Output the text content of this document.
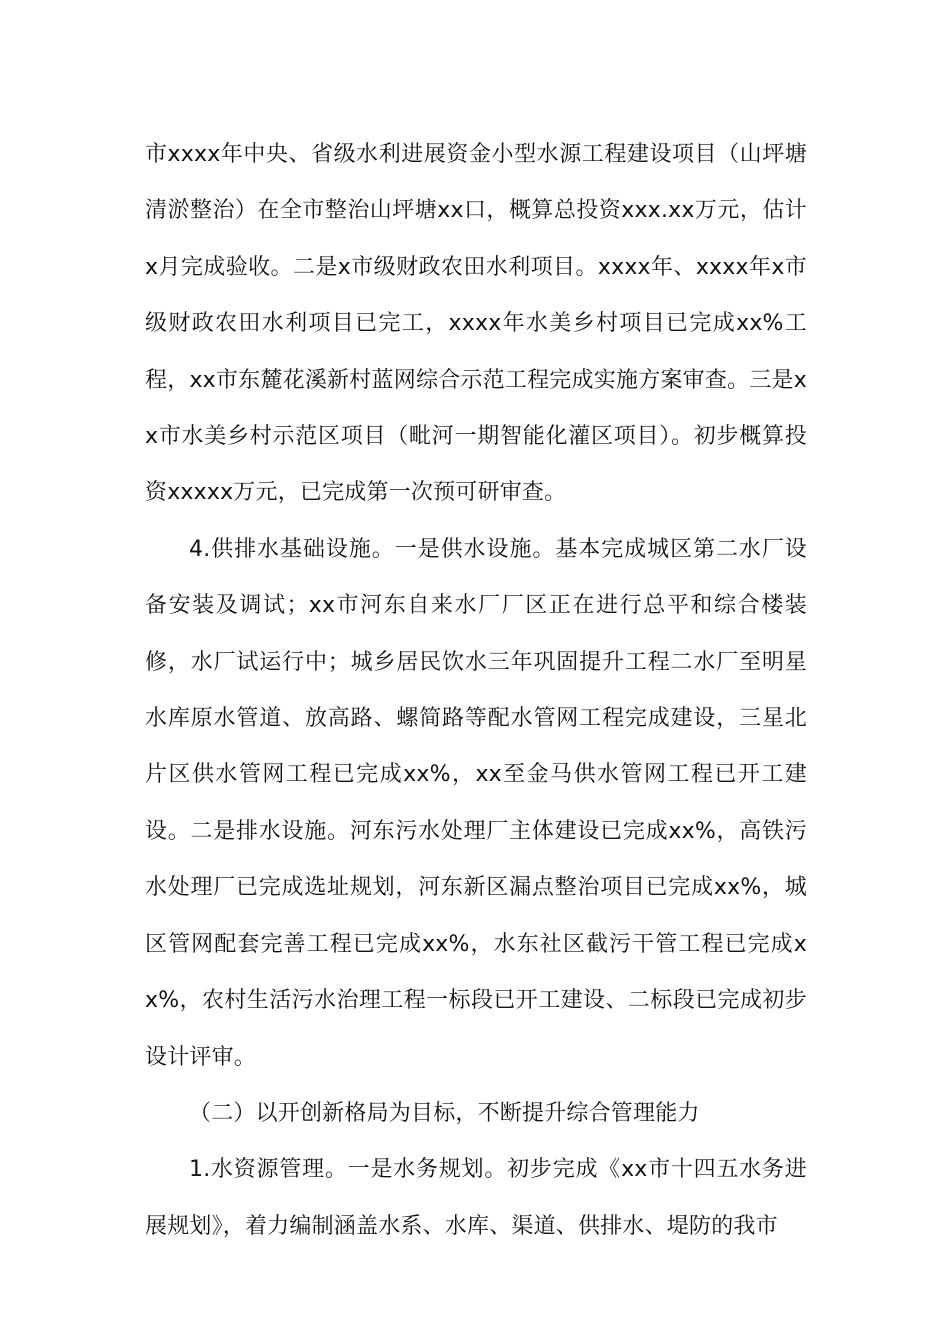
市xxxx年中央、省级水利进展资金小型水源工程建设项目（山坪塘清淤整治）在全市整治山坪塘xx口，概算总投资xxx.xx万元，估计x月完成验收。二是x市级财政农田水利项目。xxxx年、xxxx年x市级财政农田水利项目已完工，xxxx年水美乡村项目已完成xx%工程，xx市东麓花溪新村蓝网综合示范工程完成实施方案审查。三是xx市水美乡村示范区项目（毗河一期智能化灌区项目）。初步概算投资xxxxx万元，已完成第一次预可研审查。

4.供排水基础设施。一是供水设施。基本完成城区第二水厂设备安装及调试；xx市河东自来水厂厂区正在进行总平和综合楼装修，水厂试运行中；城乡居民饮水三年巩固提升工程二水厂至明星水库原水管道、放高路、螺简路等配水管网工程完成建设，三星北片区供水管网工程已完成xx%，xx至金马供水管网工程已开工建设。二是排水设施。河东污水处理厂主体建设已完成xx%，高铁污水处理厂已完成选址规划，河东新区漏点整治项目已完成xx%，城区管网配套完善工程已完成xx%，水东社区截污干管工程已完成xx%，农村生活污水治理工程一标段已开工建设、二标段已完成初步设计评审。

（二）以开创新格局为目标，不断提升综合管理能力

1.水资源管理。一是水务规划。初步完成《xx市十四五水务进展规划》，着力编制涵盖水系、水库、渠道、供排水、堤防的我市
